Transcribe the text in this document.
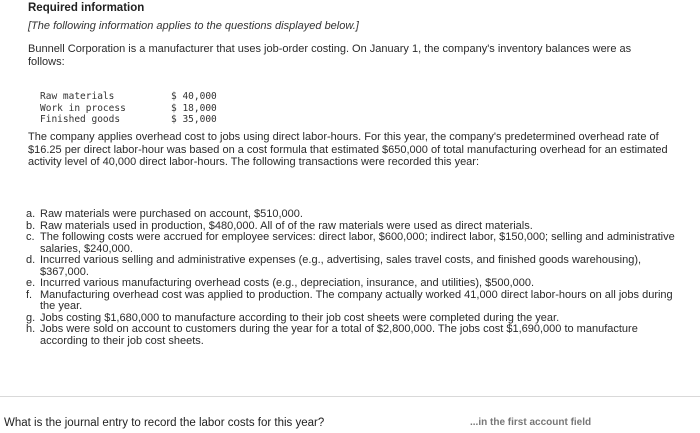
Required information
[The following information applies to the questions displayed below.]
Bunnell Corporation is a manufacturer that uses job-order costing. On January 1, the company's inventory balances were as follows:
Raw materials	$ 40,000
Work in process	$ 18,000
Finished goods	$ 35,000
The company applies overhead cost to jobs using direct labor-hours. For this year, the company's predetermined overhead rate of $16.25 per direct labor-hour was based on a cost formula that estimated $650,000 of total manufacturing overhead for an estimated activity level of 40,000 direct labor-hours. The following transactions were recorded this year:
a. Raw materials were purchased on account, $510,000.
b. Raw materials used in production, $480,000. All of of the raw materials were used as direct materials.
c. The following costs were accrued for employee services: direct labor, $600,000; indirect labor, $150,000; selling and administrative salaries, $240,000.
d. Incurred various selling and administrative expenses (e.g., advertising, sales travel costs, and finished goods warehousing), $367,000.
e. Incurred various manufacturing overhead costs (e.g., depreciation, insurance, and utilities), $500,000.
f. Manufacturing overhead cost was applied to production. The company actually worked 41,000 direct labor-hours on all jobs during the year.
g. Jobs costing $1,680,000 to manufacture according to their job cost sheets were completed during the year.
h. Jobs were sold on account to customers during the year for a total of $2,800,000. The jobs cost $1,690,000 to manufacture according to their job cost sheets.
What is the journal entry to record the labor costs for this year?	...in the first account field
